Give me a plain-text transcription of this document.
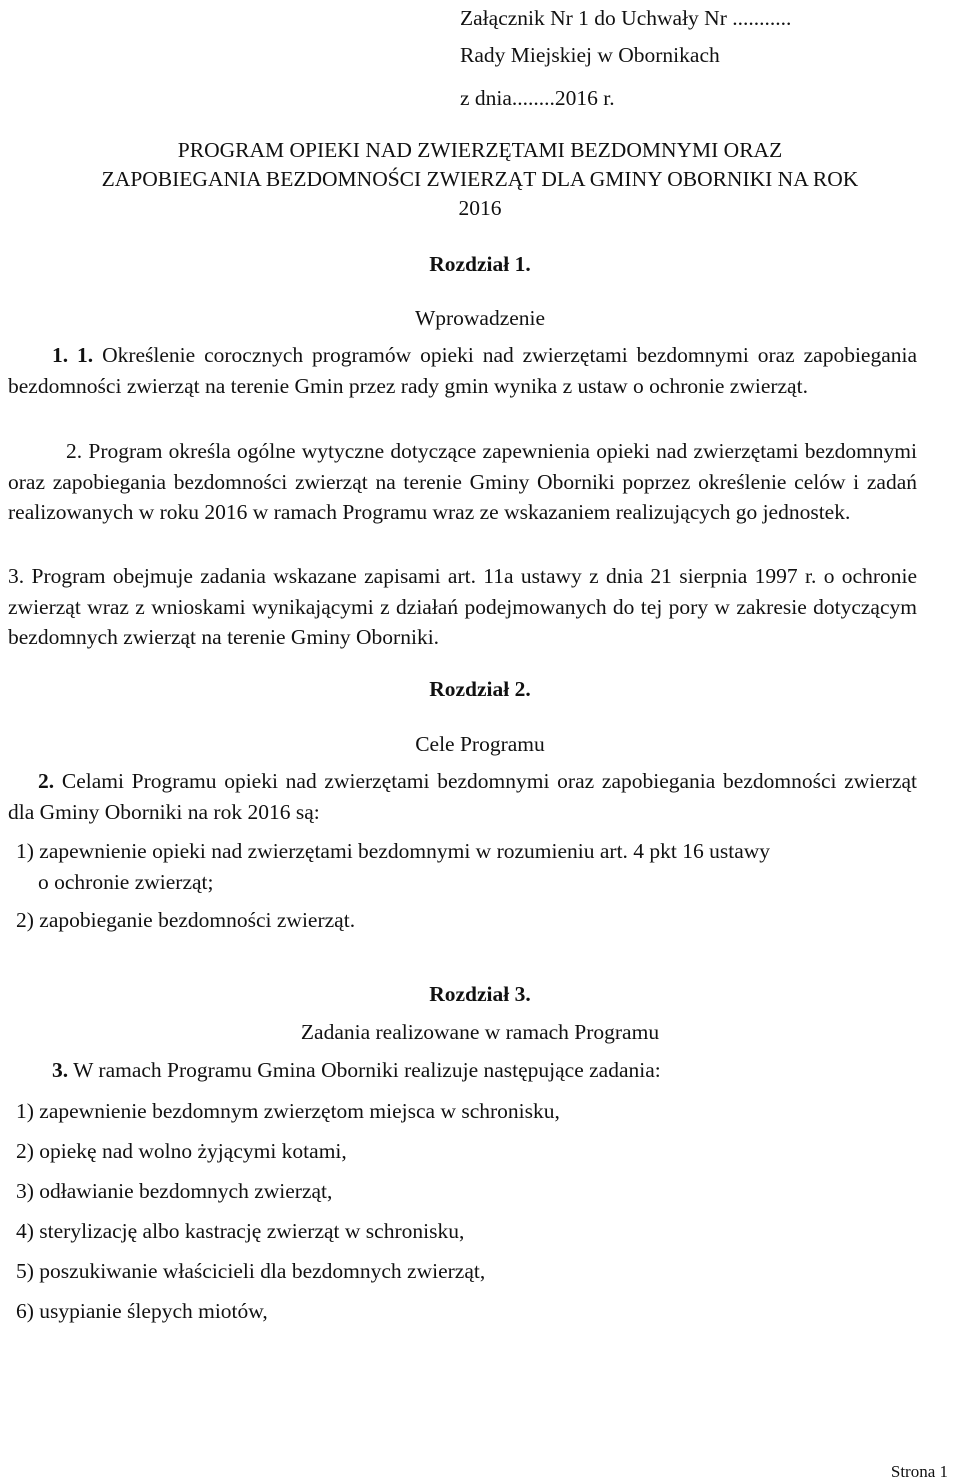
Załącznik Nr 1 do Uchwały Nr ...........

Rady Miejskiej w Obornikach

z dnia........2016 r.

PROGRAM OPIEKI NAD ZWIERZĘTAMI BEZDOMNYMI ORAZ

ZAPOBIEGANIA BEZDOMNOŚCI ZWIERZĄT DLA GMINY OBORNIKI NA ROK

2016

Rozdział 1.

Wprowadzenie

1. 1. Określenie corocznych programów opieki nad zwierzętami bezdomnymi oraz zapobiegania bezdomności zwierząt na terenie Gmin przez rady gmin wynika z ustaw o ochronie zwierząt.

2. Program określa ogólne wytyczne dotyczące zapewnienia opieki nad zwierzętami bezdomnymi oraz zapobiegania bezdomności zwierząt na terenie Gminy Oborniki poprzez określenie celów i zadań realizowanych w roku 2016 w ramach Programu wraz ze wskazaniem realizujących go jednostek.

3. Program obejmuje zadania wskazane zapisami art. 11a ustawy z dnia 21 sierpnia 1997 r. o ochronie zwierząt wraz z wnioskami wynikającymi z działań podejmowanych do tej pory w zakresie dotyczącym bezdomnych zwierząt na terenie Gminy Oborniki.

Rozdział 2.

Cele Programu

2. Celami Programu opieki nad zwierzętami bezdomnymi oraz zapobiegania bezdomności zwierząt dla Gminy Oborniki na rok 2016 są:

1) zapewnienie opieki nad zwierzętami bezdomnymi w rozumieniu art. 4 pkt 16 ustawy
o ochronie zwierząt;

2) zapobieganie bezdomności zwierząt.

Rozdział 3.

Zadania realizowane w ramach Programu

3. W ramach Programu Gmina Oborniki realizuje następujące zadania:

1) zapewnienie bezdomnym zwierzętom miejsca w schronisku,

2) opiekę nad wolno żyjącymi kotami,

3) odławianie bezdomnych zwierząt,

4) sterylizację albo kastrację zwierząt w schronisku,

5) poszukiwanie właścicieli dla bezdomnych zwierząt,

6) usypianie ślepych miotów,

Strona 1
